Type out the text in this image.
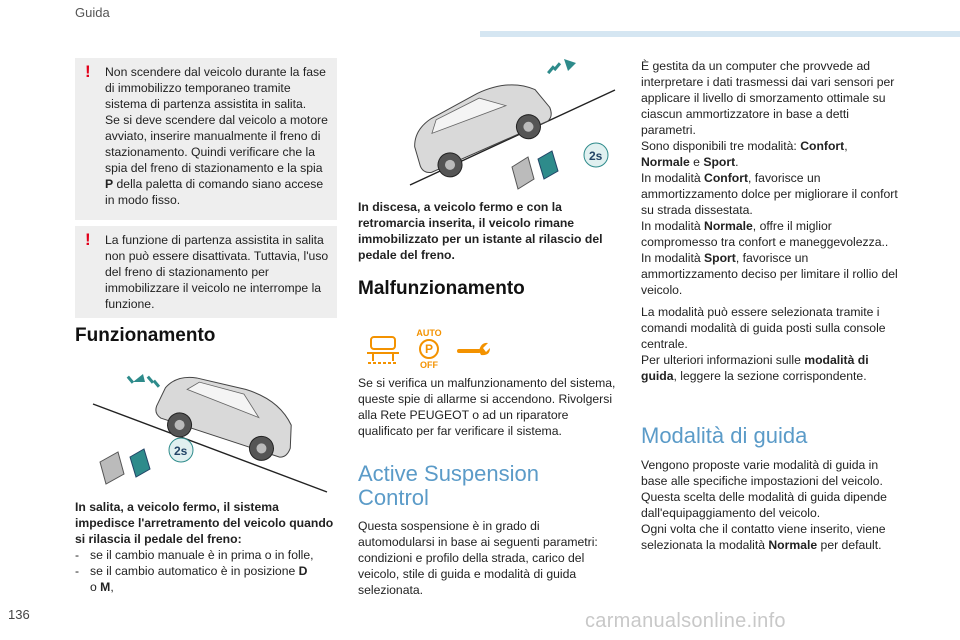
Guida
! Non scendere dal veicolo durante la fase di immobilizzo temporaneo tramite sistema di partenza assistita in salita.

Se si deve scendere dal veicolo a motore avviato, inserire manualmente il freno di stazionamento. Quindi verificare che la spia del freno di stazionamento e la spia P della paletta di comando siano accese in modo fisso.

!	La funzione di partenza assistita in salita non può essere disattivata. Tuttavia, l'uso del freno di stazionamento per immobilizzare il veicolo ne interrompe la funzione.
Funzionamento
2s
In salita, a veicolo fermo, il sistema impedisce l'arretramento del veicolo quando si rilascia il pedale del freno:
- se il cambio manuale è in prima o in folle,
- se il cambio automatico è in posizione D
o M,
2s
In discesa, a veicolo fermo e con la retromarcia inserita, il veicolo rimane immobilizzato per un istante al rilascio del pedale del freno.
Malfunzionamento
AUTO
P
OFF
Se si verifica un malfunzionamento del sistema, queste spie di allarme si accendono. Rivolgersi alla Rete PEUGEOT o ad un riparatore qualificato per far verificare il sistema.
Active Suspension
Control
Questa sospensione è in grado di automodularsi in base ai seguenti parametri: condizioni e profilo della strada, carico del veicolo, stile di guida e modalità di guida selezionata.

È gestita da un computer che provvede ad interpretare i dati trasmessi dai vari sensori per applicare il livello di smorzamento ottimale su ciascun ammortizzatore in base a detti parametri.

Sono disponibili tre modalità: Confort,
Normale e Sport.

In modalità Confort, favorisce un ammortizzamento dolce per migliorare il confort su strada dissestata.

In modalità Normale, offre il miglior compromesso tra confort e maneggevolezza..

In modalità Sport, favorisce un ammortizzamento deciso per limitare il rollio del veicolo.

La modalità può essere selezionata tramite i comandi modalità di guida posti sulla console centrale.

Per ulteriori informazioni sulle modalità di guida, leggere la sezione corrispondente.

Modalità di guida

Vengono proposte varie modalità di guida in base alle specifiche impostazioni del veicolo. Questa scelta delle modalità di guida dipende dall'equipaggiamento del veicolo.

Ogni volta che il contatto viene inserito, viene selezionata la modalità Normale per default.

136	carmanualsonline.info
